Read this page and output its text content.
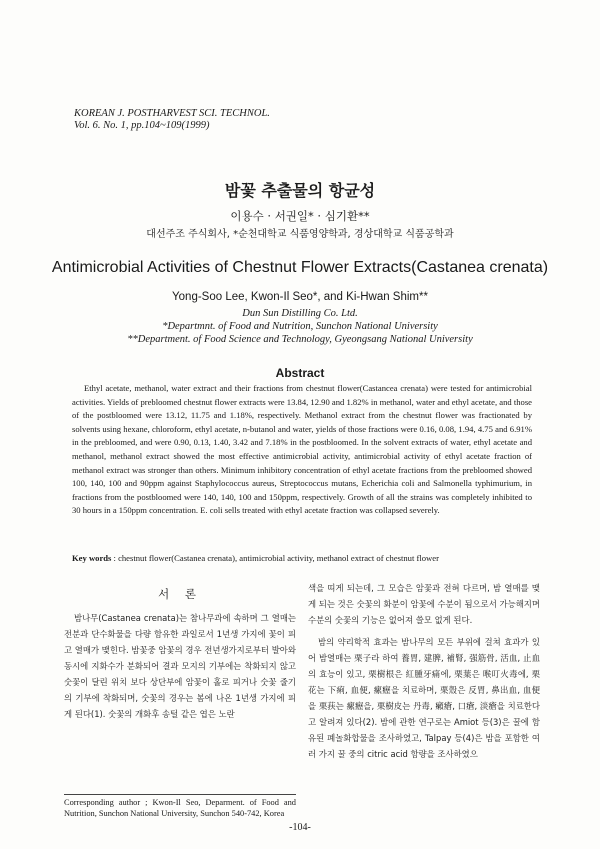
KOREAN J. POSTHARVEST SCI. TECHNOL.
Vol. 6. No. 1, pp.104~109(1999)
밤꽃 추출물의 항균성
이용수 · 서권일* · 심기환**
대선주조 주식회사, *순천대학교 식품영양학과, 경상대학교 식품공학과
Antimicrobial Activities of Chestnut Flower Extracts(Castanea crenata)
Yong-Soo Lee, Kwon-Il Seo*, and Ki-Hwan Shim**
Dun Sun Distilling Co. Ltd.
*Departmnt. of Food and Nutrition, Sunchon National University
**Department. of Food Science and Technology, Gyeongsang National University
Abstract

Ethyl acetate, methanol, water extract and their fractions from chestnut flower(Castancea crenata) were tested for antimicrobial activities. Yields of prebloomed chestnut flower extracts were 13.84, 12.90 and 1.82% in methanol, water and ethyl acetate, and those of the postbloomed were 13.12, 11.75 and 1.18%, respectively. Methanol extract from the chestnut flower was fractionated by solvents using hexane, chloroform, ethyl acetate, n-butanol and water, yields of those fractions were 0.16, 0.08, 1.94, 4.75 and 6.91% in the prebloomed, and were 0.90, 0.13, 1.40, 3.42 and 7.18% in the postbloomed. In the solvent extracts of water, ethyl acetate and methanol, methanol extract showed the most effective antimicrobial activity, antimicrobial activity of ethyl acetate fraction of methanol extract was stronger than others. Minimum inhibitory concentration of ethyl acetate fractions from the prebloomed showed 100, 140, 100 and 90ppm against Staphylococcus aureus, Streptococcus mutans, Echerichia coli and Salmonella typhimurium, in fractions from the postbloomed were 140, 140, 100 and 150ppm, respectively. Growth of all the strains was completely inhibited to 30 hours in a 150ppm concentration. E. coli sells treated with ethyl acetate fraction was collapsed severely.

Key words : chestnut flower(Castanea crenata), antimicrobial activity, methanol extract of chestnut flower
서 론

밤나무(Castanea crenata)는 참나무과에 속하며 그 열매는 전분과 단수화물을 다량 함유한 과일로서 1년생 가지에 꽃이 피고 열매가 맺힌다. 밤꽃중 암꽃의 경우 전년생가지로부터 발아와 동시에 지화수가 분화되어 결과 모지의 기부에는 착화되지 않고 숫꽃이 달린 위치 보다 상단부에 암꽃이 홀로 피거나 숫꽃 줄기의 기부에 착화되며, 숫꽃의 경우는 봄에 나온 1년생 가지에 피게 된다(1). 숫꽃의 개화후 송털 같은 엽은 노란

색을 띠게 되는데, 그 모습은 암꽃과 전혀 다르며, 밤 열매를 맺게 되는 것은 숫꽃의 화분이 암꽃에 수분이 됨으로서 가능해지며 수분의 숫꽃의 기능은 없어져 쓸모 없게 된다.

밤의 약리학적 효과는 밤나무의 모든 부위에 걸쳐 효과가 있어 밤열매는 栗子라 하여 養胃, 建脾, 補腎, 强筋骨, 活血, 止血의 효능이 있고, 栗樹根은 紅腫牙痛에, 栗葉은 喉叮火毒에, 栗花는 下痢, 血便, 瘰癧을 치료하며, 栗殼은 反胃, 鼻出血, 血便을 栗荴는 瘰癧을, 栗樹皮는 丹毒, 癩瘡, 口瘡, 淡瘡을 치료한다고 알려져 있다(2). 밤에 관한 연구로는 Amiot 등(3)은 꿀에 함유된 폐놀화합물을 조사하였고, Talpay 등(4)은 밤을 포함한 여러 가지 꿀 중의 citric acid 함량을 조사하였으

Corresponding author ; Kwon-Il Seo, Deparment. of Food and Nutrition, Sunchon National University, Sunchon 540-742, Korea
-104-
